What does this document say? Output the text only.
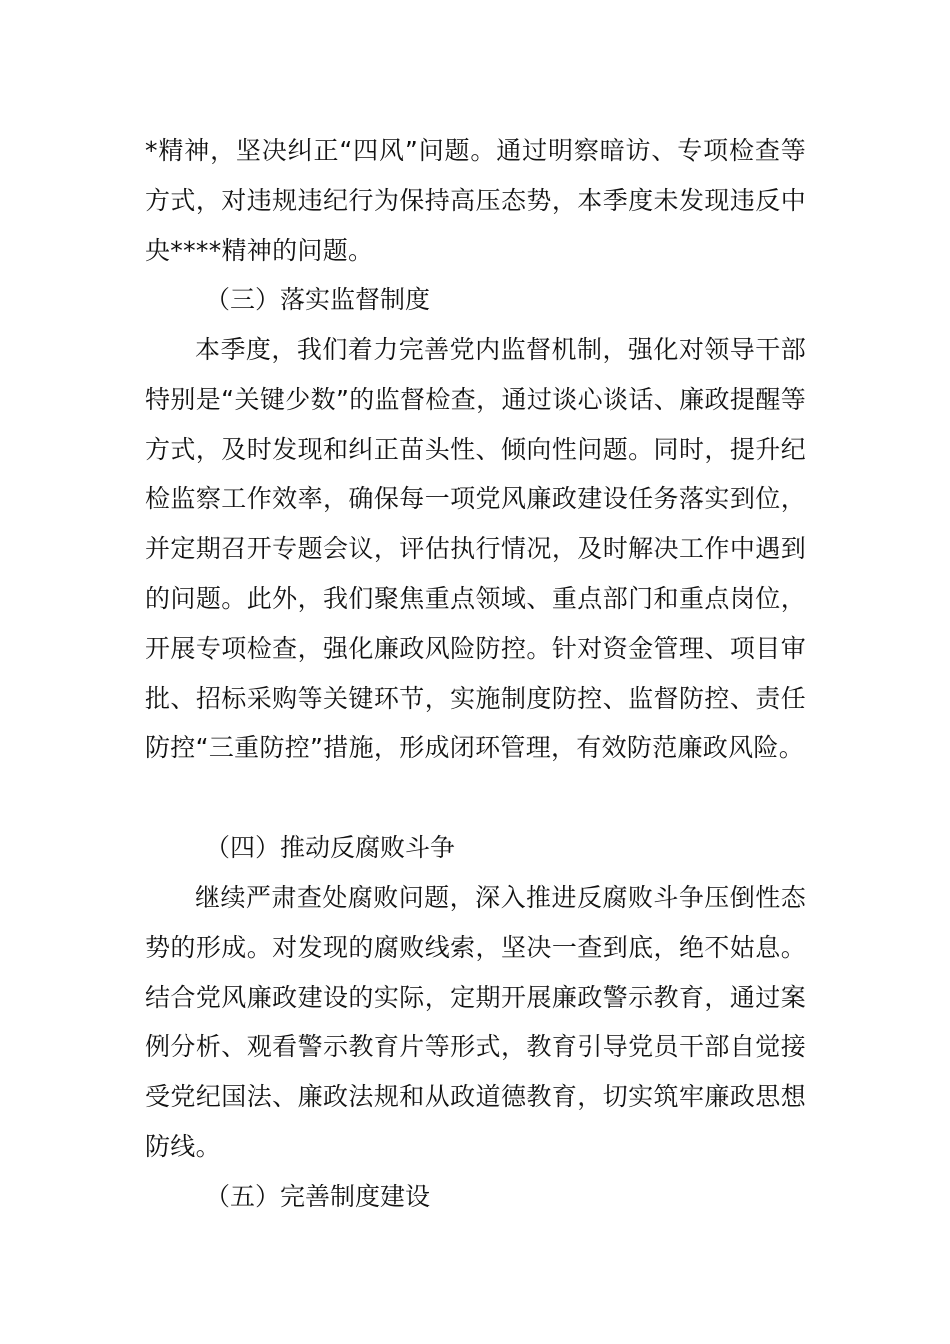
*精神，坚决纠正“四风”问题。通过明察暗访、专项检查等方式，对违规违纪行为保持高压态势，本季度未发现违反中央****精神的问题。

（三）落实监督制度

本季度，我们着力完善党内监督机制，强化对领导干部特别是“关键少数”的监督检查，通过谈心谈话、廉政提醒等方式，及时发现和纠正苗头性、倾向性问题。同时，提升纪检监察工作效率，确保每一项党风廉政建设任务落实到位，并定期召开专题会议，评估执行情况，及时解决工作中遇到的问题。此外，我们聚焦重点领域、重点部门和重点岗位，开展专项检查，强化廉政风险防控。针对资金管理、项目审批、招标采购等关键环节，实施制度防控、监督防控、责任防控“三重防控”措施，形成闭环管理，有效防范廉政风险。

（四）推动反腐败斗争

继续严肃查处腐败问题，深入推进反腐败斗争压倒性态势的形成。对发现的腐败线索，坚决一查到底，绝不姑息。结合党风廉政建设的实际，定期开展廉政警示教育，通过案例分析、观看警示教育片等形式，教育引导党员干部自觉接受党纪国法、廉政法规和从政道德教育，切实筑牢廉政思想防线。

（五）完善制度建设
